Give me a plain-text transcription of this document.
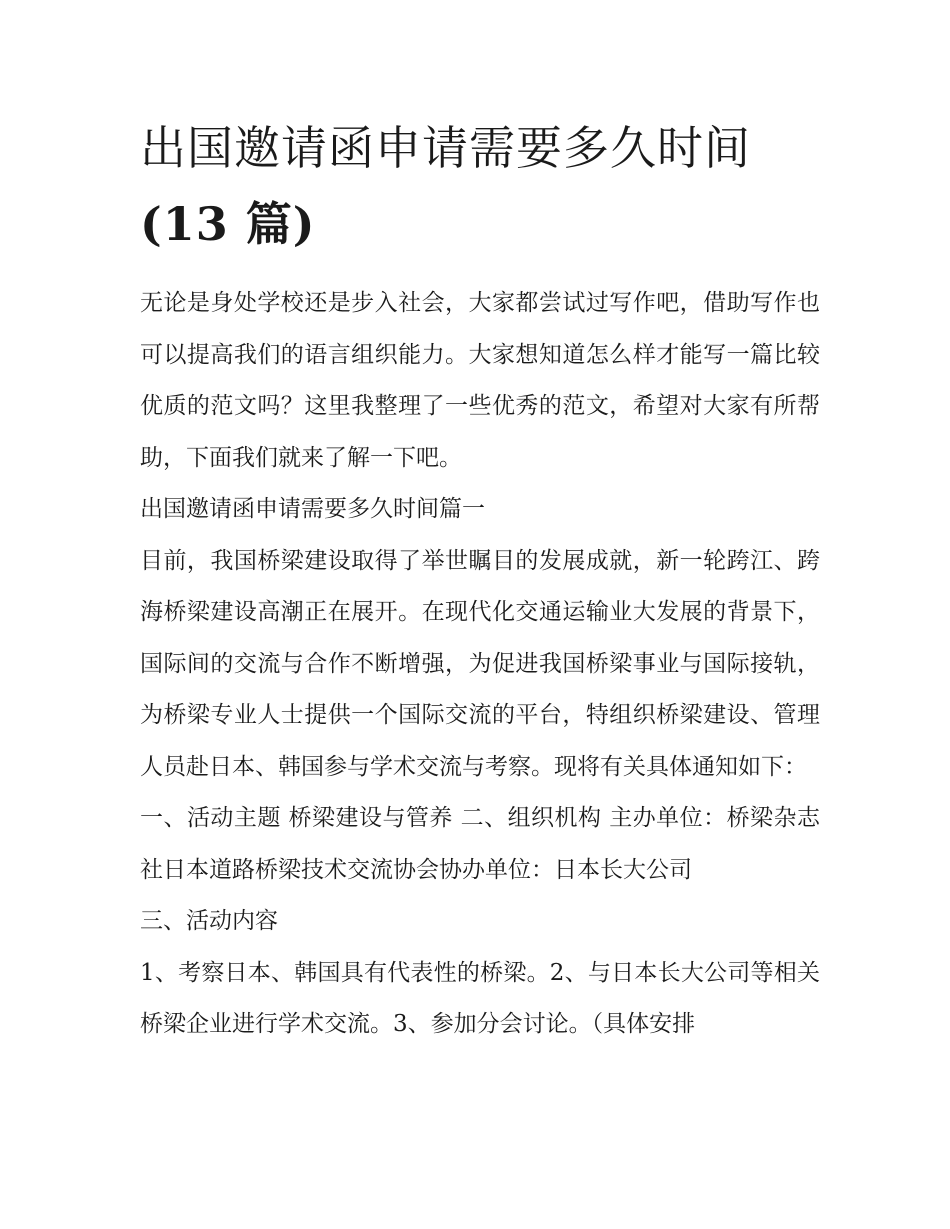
出国邀请函申请需要多久时间
(13 篇)

无论是身处学校还是步入社会，大家都尝试过写作吧，借助写作也可以提高我们的语言组织能力。大家想知道怎么样才能写一篇比较优质的范文吗？这里我整理了一些优秀的范文，希望对大家有所帮助，下面我们就来了解一下吧。

出国邀请函申请需要多久时间篇一

目前，我国桥梁建设取得了举世瞩目的发展成就，新一轮跨江、跨海桥梁建设高潮正在展开。在现代化交通运输业大发展的背景下，国际间的交流与合作不断增强，为促进我国桥梁事业与国际接轨，为桥梁专业人士提供一个国际交流的平台，特组织桥梁建设、管理人员赴日本、韩国参与学术交流与考察。现将有关具体通知如下：

一、活动主题 桥梁建设与管养 二、组织机构 主办单位：桥梁杂志社日本道路桥梁技术交流协会协办单位：日本长大公司

三、活动内容

1、考察日本、韩国具有代表性的桥梁。2、与日本长大公司等相关桥梁企业进行学术交流。3、参加分会讨论。（具体安排
